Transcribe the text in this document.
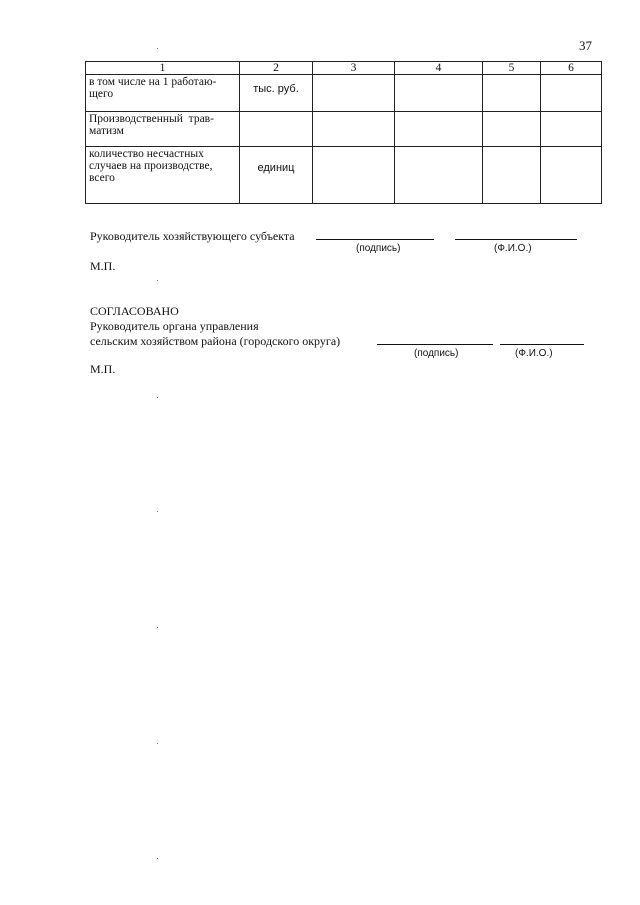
37
1	2	3	4	5	6

в том числе на 1 работаю-
щего	тыс. руб.				

Производственный  трав-
матизм					

количество несчастных
случаев на производстве,
всего	единиц				
Руководитель хозяйствующего субъекта
(подпись)	(Ф.И.О.)
М.П.
СОГЛАСОВАНО
Руководитель органа управления
сельским хозяйством района (городского округа)
(подпись)	(Ф.И.О.)
М.П.
